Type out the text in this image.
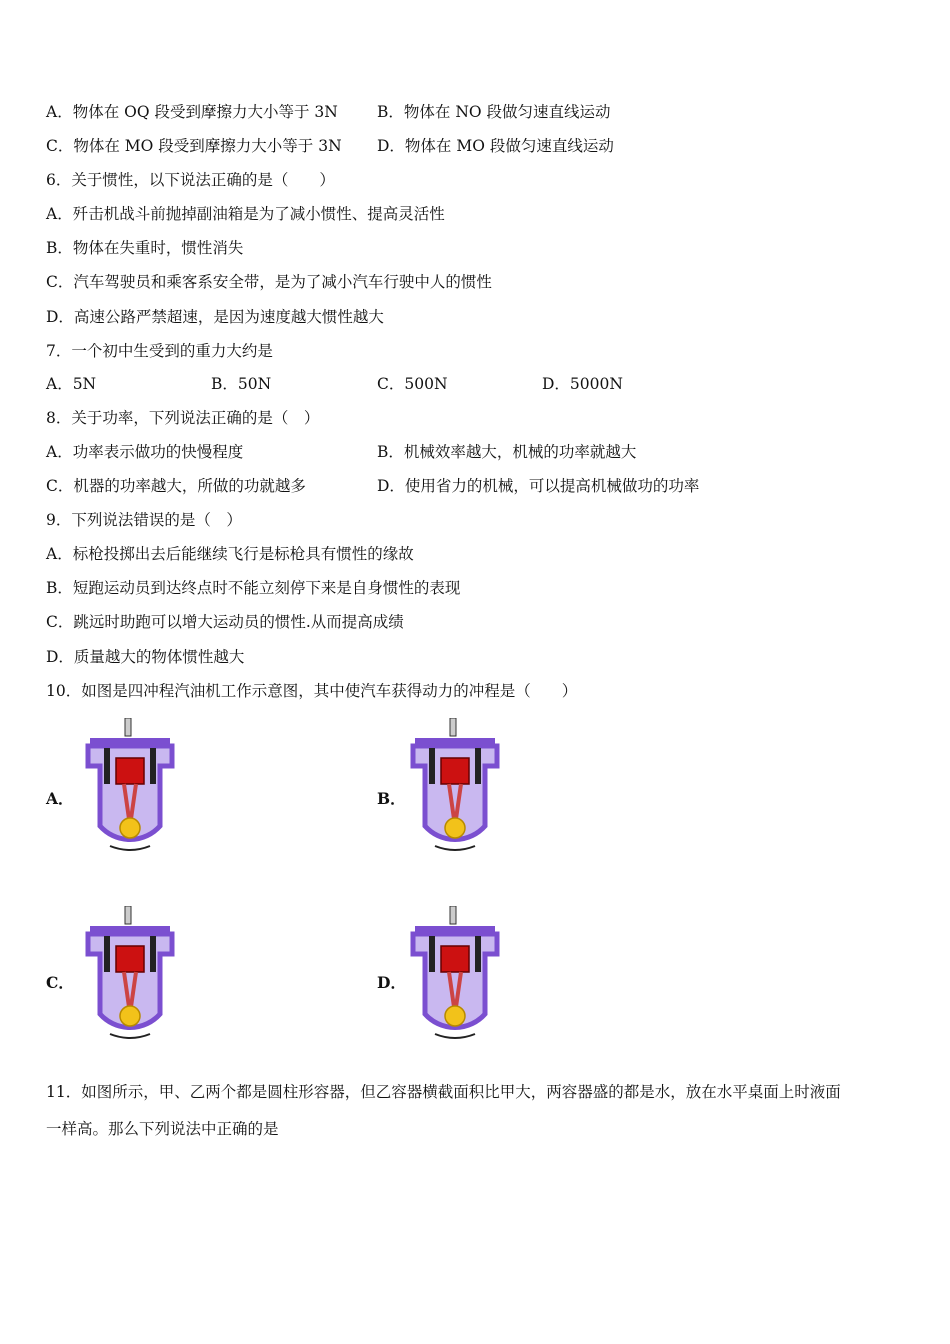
A．物体在 OQ 段受到摩擦力大小等于 3N	B．物体在 NO 段做匀速直线运动
C．物体在 MO 段受到摩擦力大小等于 3N D．物体在 MO 段做匀速直线运动
6．关于惯性，以下说法正确的是（　　）
A．歼击机战斗前抛掉副油箱是为了减小惯性、提高灵活性
B．物体在失重时，惯性消失
C．汽车驾驶员和乘客系安全带，是为了减小汽车行驶中人的惯性
D．高速公路严禁超速，是因为速度越大惯性越大
7．一个初中生受到的重力大约是
A．5N	B．50N	C．500N	D．5000N
8．关于功率，下列说法正确的是（　）
A．功率表示做功的快慢程度	B．机械效率越大，机械的功率就越大
C．机器的功率越大，所做的功就越多	D．使用省力的机械，可以提高机械做功的功率
9．下列说法错误的是（　）
A．标枪投掷出去后能继续飞行是标枪具有惯性的缘故
B．短跑运动员到达终点时不能立刻停下来是自身惯性的表现
C．跳远时助跑可以增大运动员的惯性.从而提高成绩
D．质量越大的物体惯性越大
10．如图是四冲程汽油机工作示意图，其中使汽车获得动力的冲程是（　　）
A．	B．
C．	D．
11．如图所示，甲、乙两个都是圆柱形容器，但乙容器横截面积比甲大，两容器盛的都是水，放在水平桌面上时液面
一样高。那么下列说法中正确的是
